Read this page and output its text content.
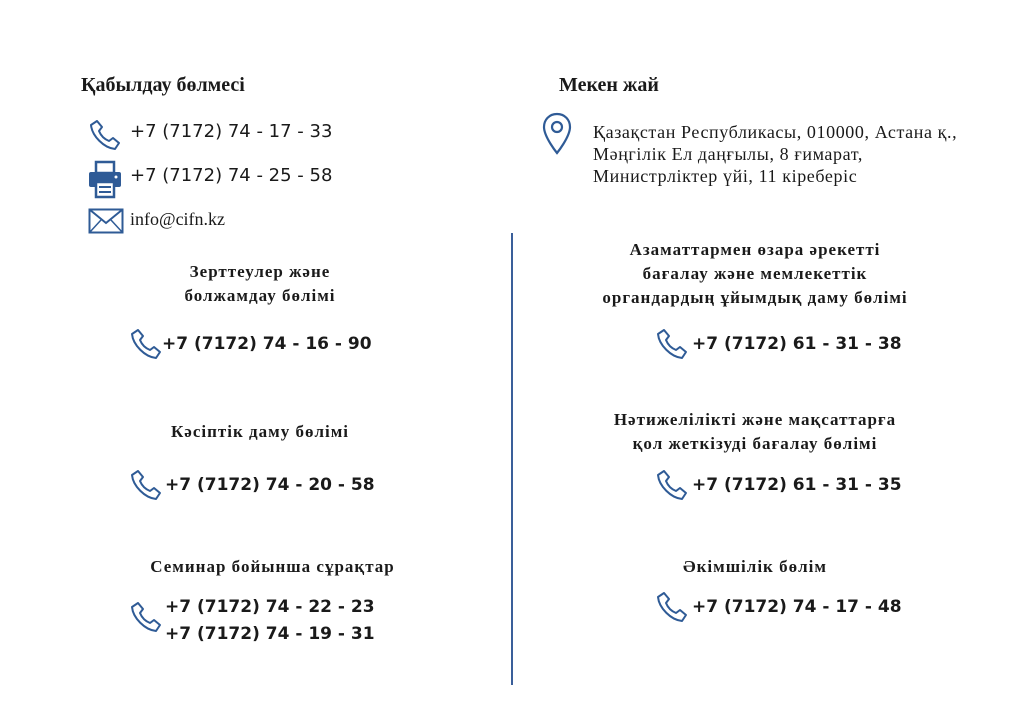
Қабылдау бөлмесі
+7 (7172) 74 - 17 - 33
+7 (7172) 74 - 25 - 58
info@cifn.kz
Мекен жай
Қазақстан Республикасы, 010000, Астана қ.,
Мәңгілік Ел даңғылы, 8 ғимарат,
Министрліктер үйі, 11 кіреберіс
Зерттеулер және
болжамдау бөлімі
+7 (7172) 74 - 16 - 90
Кәсіптік даму бөлімі
+7 (7172) 74 - 20 - 58
Семинар бойынша сұрақтар
+7 (7172) 74 - 22 - 23
+7 (7172) 74 - 19 - 31
Азаматтармен өзара әрекетті
бағалау және мемлекеттік
органдардың ұйымдық даму бөлімі
+7 (7172) 61 - 31 - 38
Нәтижелілікті және мақсаттарға
қол жеткізуді бағалау бөлімі
+7 (7172) 61 - 31 - 35
Әкімшілік бөлім
+7 (7172) 74 - 17 - 48
